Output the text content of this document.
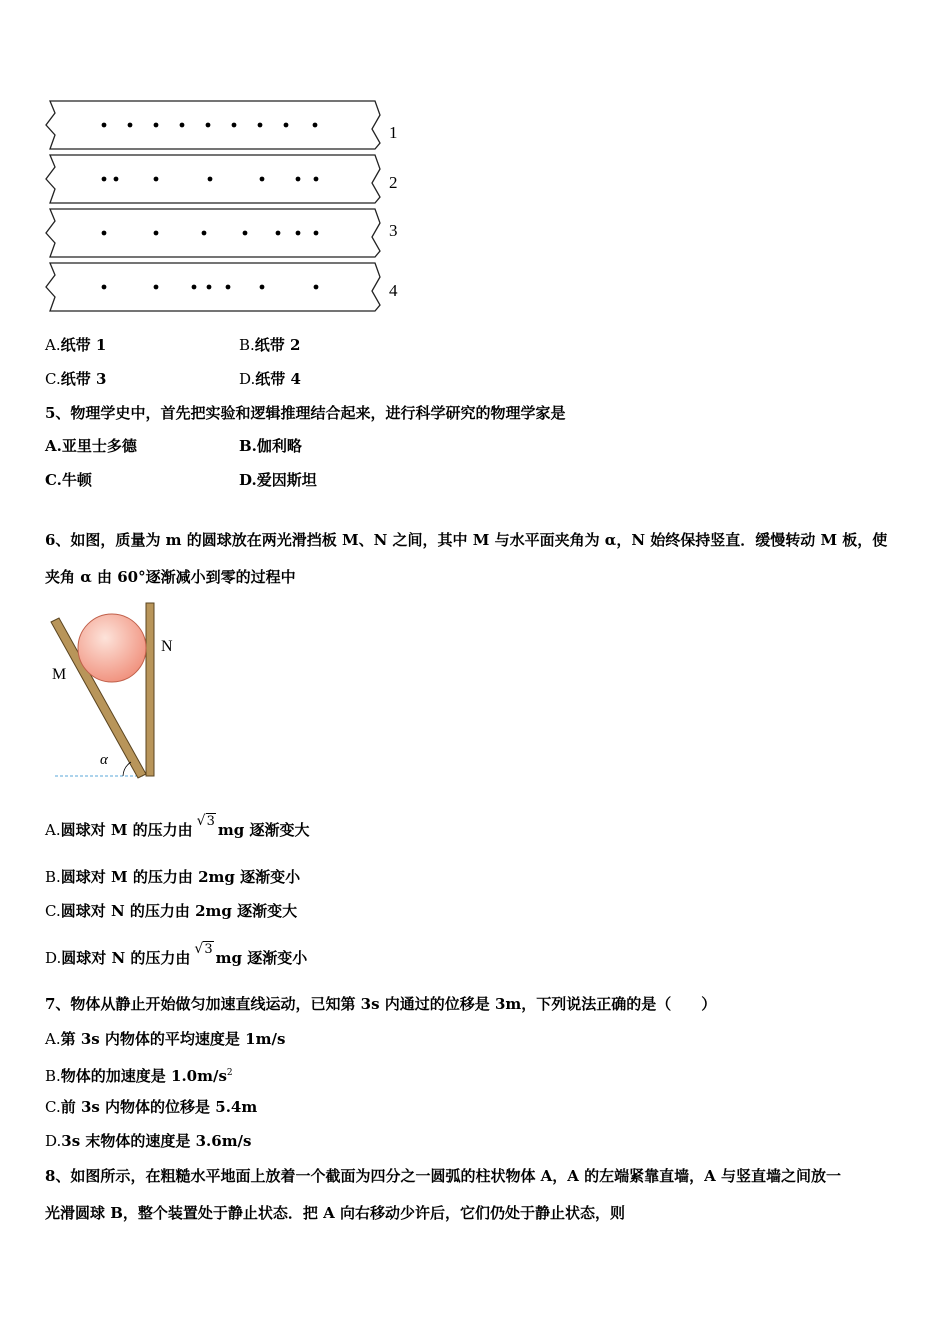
1
2
3
4
A.纸带 1	B.纸带 2
C.纸带 3	D.纸带 4
5、物理学史中，首先把实验和逻辑推理结合起来，进行科学研究的物理学家是
A.亚里士多德	B.伽利略
C.牛顿	D.爱因斯坦
6、如图，质量为 m 的圆球放在两光滑挡板 M、N 之间，其中 M 与水平面夹角为 α，N 始终保持竖直．缓慢转动 M 板，使
夹角 α 由 60°逐渐减小到零的过程中
M
N
α
A.圆球对 M 的压力由 √3 mg 逐渐变大
B.圆球对 M 的压力由 2mg 逐渐变小
C.圆球对 N 的压力由 2mg 逐渐变大
D.圆球对 N 的压力由 √3 mg 逐渐变小
7、物体从静止开始做匀加速直线运动，已知第 3s 内通过的位移是 3m，下列说法正确的是（　　）
A.第 3s 内物体的平均速度是 1m/s
B.物体的加速度是 $1.0m/s^2$
C.前 3s 内物体的位移是 5.4m
D.3s 末物体的速度是 3.6m/s
8、如图所示，在粗糙水平地面上放着一个截面为四分之一圆弧的柱状物体 A，A 的左端紧靠直墙，A 与竖直墙之间放一
光滑圆球 B，整个装置处于静止状态．把 A 向右移动少许后，它们仍处于静止状态，则
